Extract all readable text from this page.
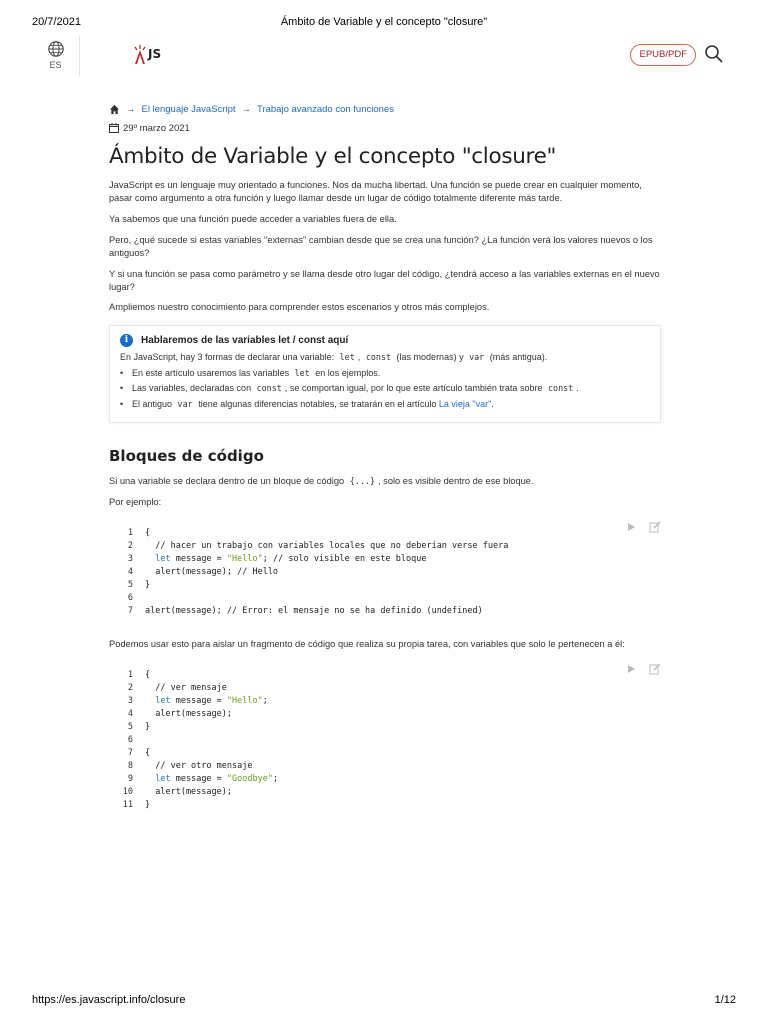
20/7/2021	Ámbito de Variable y el concepto "closure"
ES
JS	EPUB/PDF
→ El lenguaje JavaScript → Trabajo avanzado con funciones
29º marzo 2021
Ámbito de Variable y el concepto "closure"

JavaScript es un lenguaje muy orientado a funciones. Nos da mucha libertad. Una función se puede crear en cualquier momento, pasar como argumento a otra función y luego llamar desde un lugar de código totalmente diferente más tarde.

Ya sabemos que una función puede acceder a variables fuera de ella.

Pero, ¿qué sucede si estas variables "externas" cambian desde que se crea una función? ¿La función verá los valores nuevos o los antiguos?

Y si una función se pasa como parámetro y se llama desde otro lugar del código, ¿tendrá acceso a las variables externas en el nuevo lugar?

Ampliemos nuestro conocimiento para comprender estos escenarios y otros más complejos.

i	Hablaremos de las variables let / const aquí
En JavaScript, hay 3 formas de declarar una variable: let , const (las modernas) y var (más antigua).
• En este artículo usaremos las variables let en los ejemplos.
• Las variables, declaradas con const , se comportan igual, por lo que este artículo también trata sobre const .
• El antiguo var tiene algunas diferencias notables, se tratarán en el artículo La vieja "var".
Bloques de código

Si una variable se declara dentro de un bloque de código {...} , solo es visible dentro de ese bloque.

Por ejemplo:

1 {
2 // hacer un trabajo con variables locales que no deberían verse fuera
3	let message = "Hello"; // solo visible en este bloque
4 alert(message); // Hello
5 }
6
7 alert(message); // Error: el mensaje no se ha definido (undefined)

Podemos usar esto para aislar un fragmento de código que realiza su propia tarea, con variables que solo le pertenecen a él:

1 {
2 // ver mensaje
3	let message = "Hello";
4 alert(message);
5 }
6
7 {
8 // ver otro mensaje
9	let message = "Goodbye";
10 alert(message);
11 }
https://es.javascript.info/closure	1/12
